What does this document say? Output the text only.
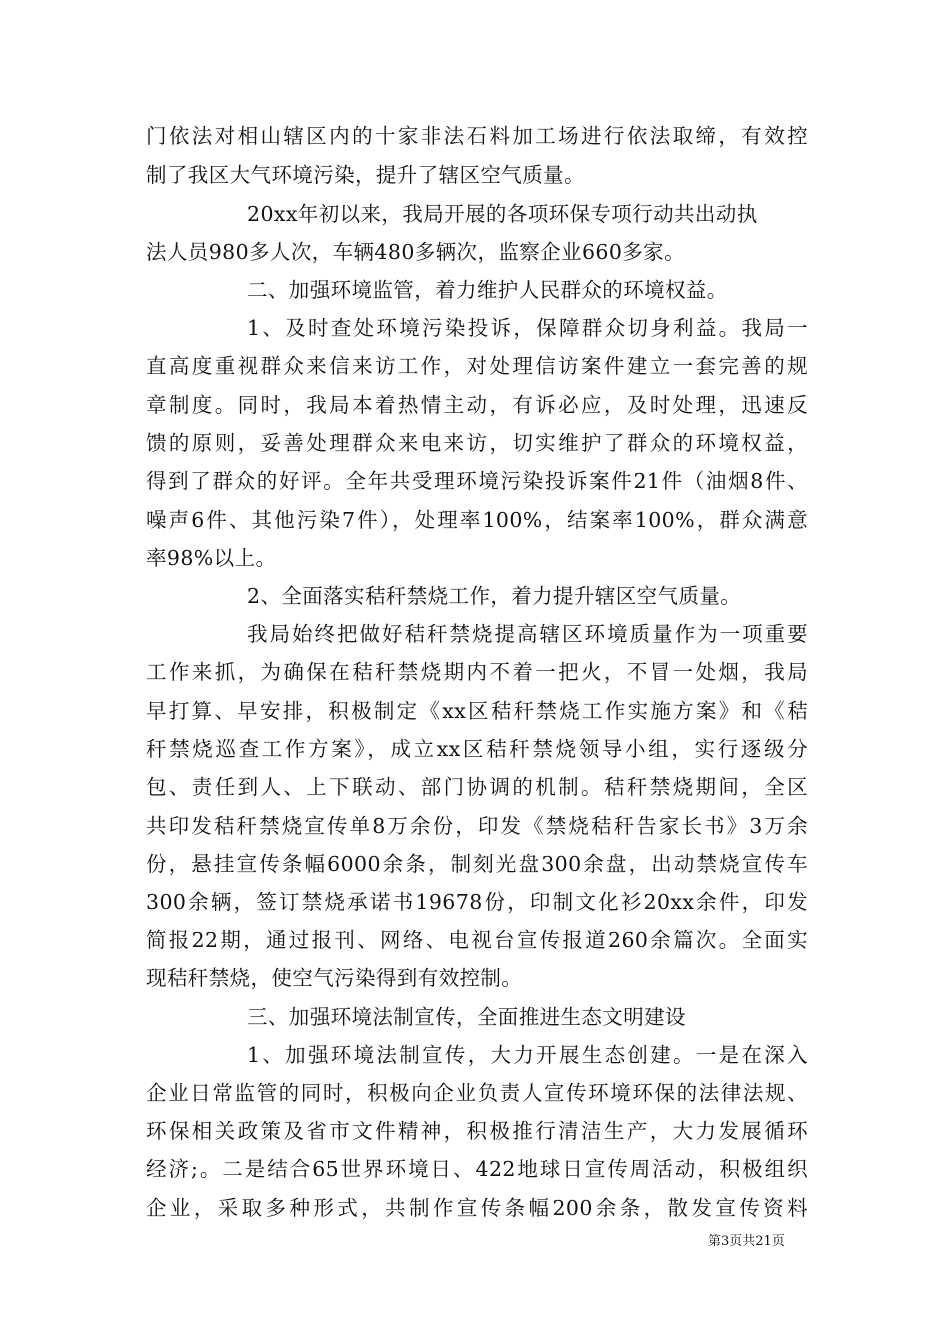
门依法对相山辖区内的十家非法石料加工场进行依法取缔，有效控
制了我区大气环境污染，提升了辖区空气质量。
20xx年初以来，我局开展的各项环保专项行动共出动执
法人员980多人次，车辆480多辆次，监察企业660多家。
二、加强环境监管，着力维护人民群众的环境权益。
1、及时查处环境污染投诉，保障群众切身利益。我局一
直高度重视群众来信来访工作，对处理信访案件建立一套完善的规
章制度。同时，我局本着热情主动，有诉必应，及时处理，迅速反
馈的原则，妥善处理群众来电来访，切实维护了群众的环境权益，
得到了群众的好评。全年共受理环境污染投诉案件21件（油烟8件、
噪声6件、其他污染7件），处理率100%，结案率100%，群众满意
率98%以上。
2、全面落实秸秆禁烧工作，着力提升辖区空气质量。
我局始终把做好秸秆禁烧提高辖区环境质量作为一项重要
工作来抓，为确保在秸秆禁烧期内不着一把火，不冒一处烟，我局
早打算、早安排，积极制定《xx区秸秆禁烧工作实施方案》和《秸
秆禁烧巡查工作方案》，成立xx区秸秆禁烧领导小组，实行逐级分
包、责任到人、上下联动、部门协调的机制。秸秆禁烧期间，全区
共印发秸秆禁烧宣传单8万余份，印发《禁烧秸秆告家长书》3万余
份，悬挂宣传条幅6000余条，制刻光盘300余盘，出动禁烧宣传车
300余辆，签订禁烧承诺书19678份，印制文化衫20xx余件，印发
简报22期，通过报刊、网络、电视台宣传报道260余篇次。全面实
现秸秆禁烧，使空气污染得到有效控制。
三、加强环境法制宣传，全面推进生态文明建设
1、加强环境法制宣传，大力开展生态创建。一是在深入
企业日常监管的同时，积极向企业负责人宣传环境环保的法律法规、
环保相关政策及省市文件精神，积极推行清洁生产，大力发展循环
经济;。二是结合65世界环境日、422地球日宣传周活动，积极组织
企业，采取多种形式，共制作宣传条幅200余条，散发宣传资料
第3页共21页
